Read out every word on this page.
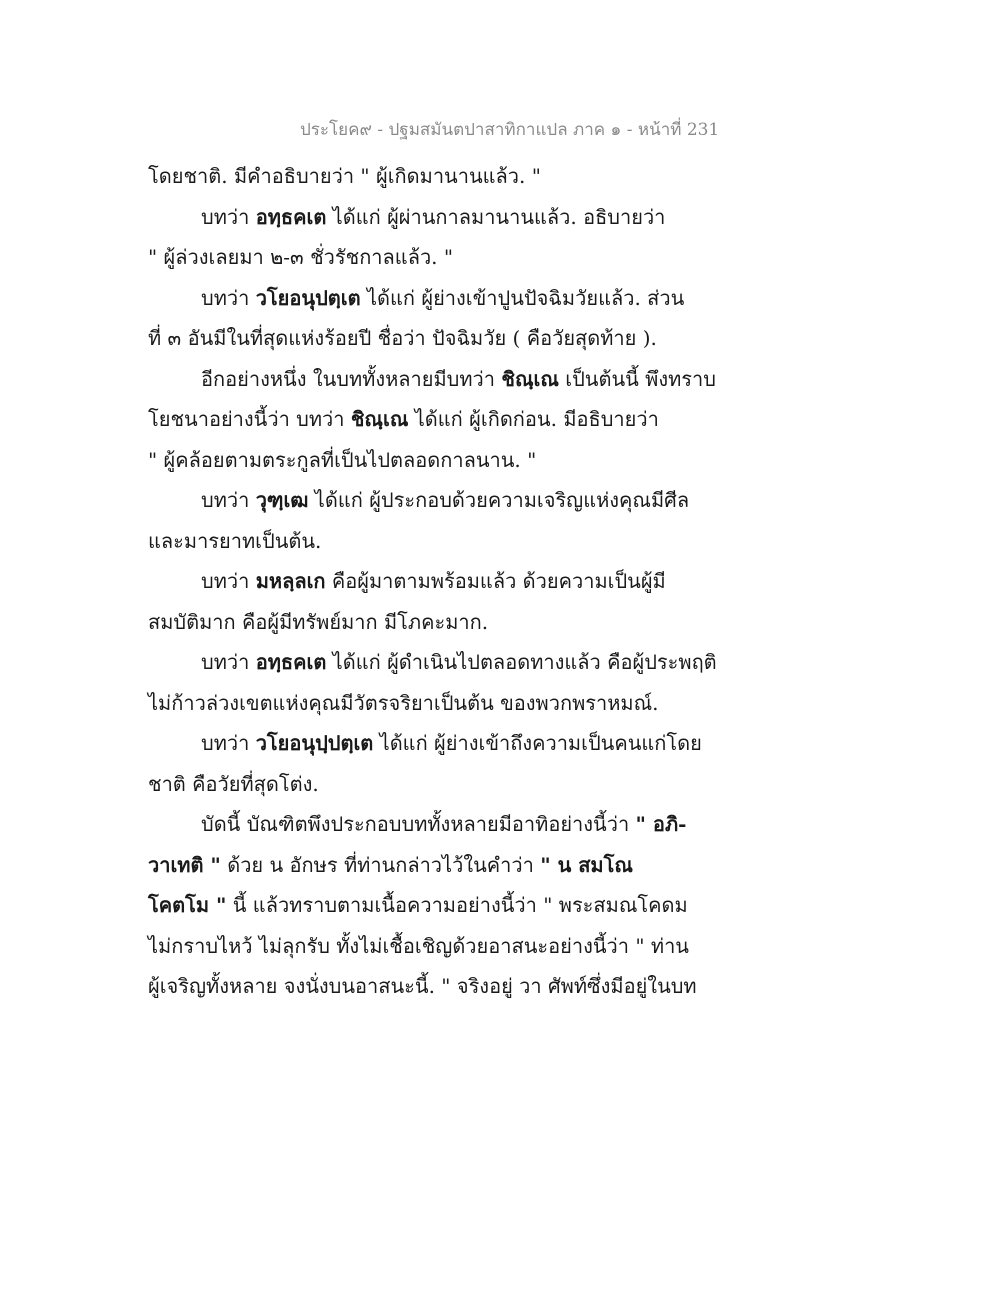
ประโยค๙ - ปฐมสมันตปาสาทิกาแปล ภาค ๑ - หน้าที่ 231
โดยชาติ. มีคำอธิบายว่า " ผู้เกิดมานานแล้ว. "
บทว่า อทฺธคเต ได้แก่ ผู้ผ่านกาลมานานแล้ว. อธิบายว่า
" ผู้ล่วงเลยมา ๒-๓ ชั่วรัชกาลแล้ว. "
บทว่า วโยอนุปตฺเต ได้แก่ ผู้ย่างเข้าปูนปัจฉิมวัยแล้ว. ส่วน
ที่ ๓ อันมีในที่สุดแห่งร้อยปี ชื่อว่า ปัจฉิมวัย ( คือวัยสุดท้าย ).
อีกอย่างหนึ่ง ในบททั้งหลายมีบทว่า ชิณฺเณ เป็นต้นนี้ พึงทราบ
โยชนาอย่างนี้ว่า บทว่า ชิณฺเณ ได้แก่ ผู้เกิดก่อน. มีอธิบายว่า
" ผู้คล้อยตามตระกูลที่เป็นไปตลอดกาลนาน. "
บทว่า วุฑฺเฒ ได้แก่ ผู้ประกอบด้วยความเจริญแห่งคุณมีศีล
และมารยาทเป็นต้น.
บทว่า มหลฺลเก คือผู้มาตามพร้อมแล้ว ด้วยความเป็นผู้มี
สมบัติมาก คือผู้มีทรัพย์มาก มีโภคะมาก.
บทว่า อทฺธคเต ได้แก่ ผู้ดำเนินไปตลอดทางแล้ว คือผู้ประพฤติ
ไม่ก้าวล่วงเขตแห่งคุณมีวัตรจริยาเป็นต้น ของพวกพราหมณ์.
บทว่า วโยอนุปฺปตฺเต ได้แก่ ผู้ย่างเข้าถึงความเป็นคนแก่โดย
ชาติ คือวัยที่สุดโต่ง.
บัดนี้ บัณฑิตพึงประกอบบททั้งหลายมีอาทิอย่างนี้ว่า " อภิ-
วาเทติ " ด้วย น อักษร ที่ท่านกล่าวไว้ในคำว่า " น สมโณ
โคตโม " นี้ แล้วทราบตามเนื้อความอย่างนี้ว่า " พระสมณโคดม
ไม่กราบไหว้ ไม่ลุกรับ ทั้งไม่เชื้อเชิญด้วยอาสนะอย่างนี้ว่า " ท่าน
ผู้เจริญทั้งหลาย จงนั่งบนอาสนะนี้. " จริงอยู่ วา ศัพท์ซึ่งมีอยู่ในบท
